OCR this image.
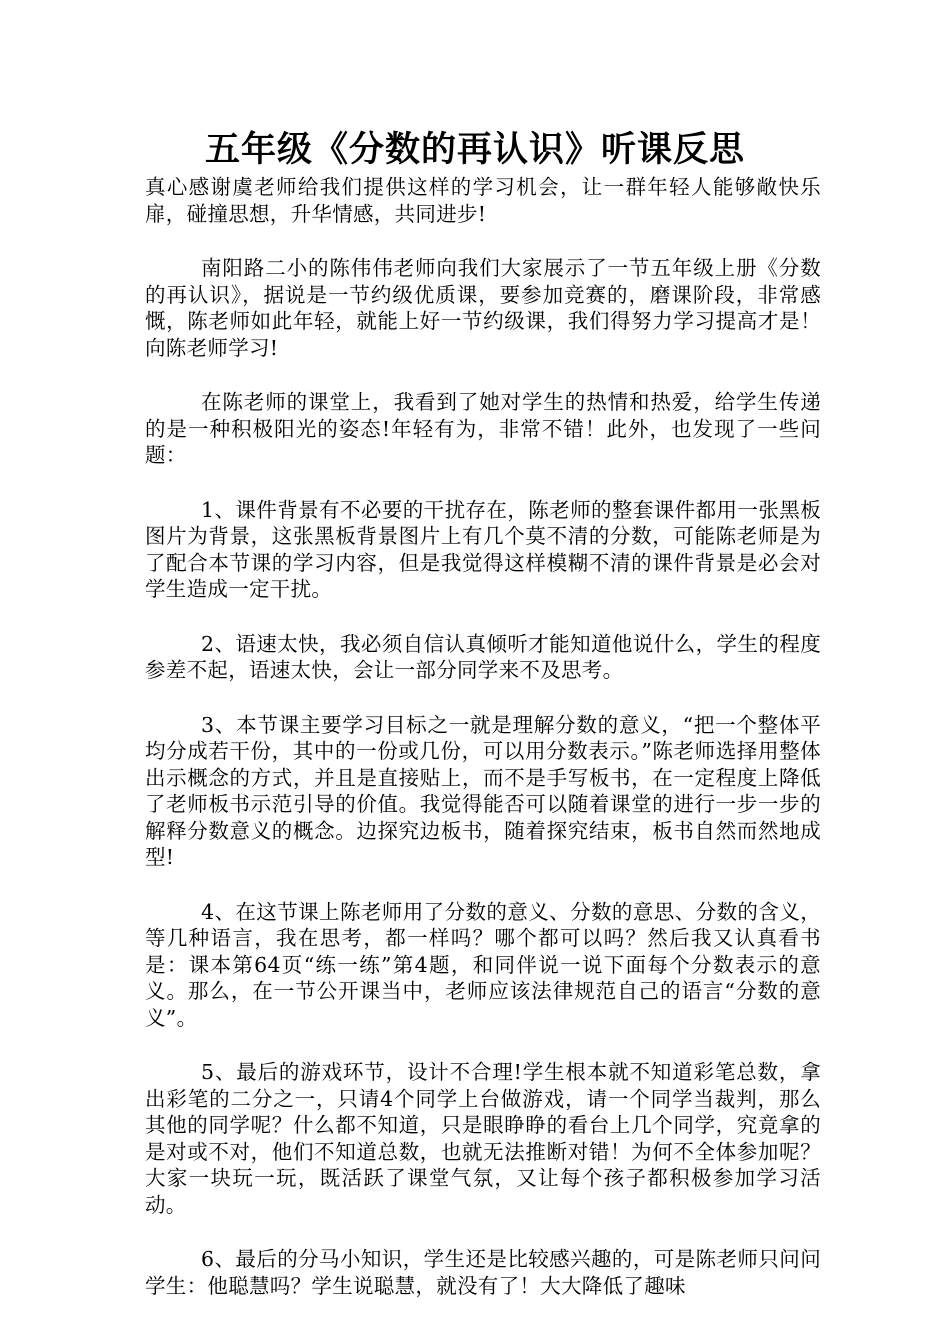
五年级《分数的再认识》听课反思

真心感谢虞老师给我们提供这样的学习机会，让一群年轻人能够敞快乐扉，碰撞思想，升华情感，共同进步!

南阳路二小的陈伟伟老师向我们大家展示了一节五年级上册《分数的再认识》，据说是一节约级优质课，要参加竞赛的，磨课阶段，非常感慨，陈老师如此年轻，就能上好一节约级课，我们得努力学习提高才是！向陈老师学习!

在陈老师的课堂上，我看到了她对学生的热情和热爱，给学生传递的是一种积极阳光的姿态!年轻有为，非常不错！此外，也发现了一些问题：

1、课件背景有不必要的干扰存在，陈老师的整套课件都用一张黑板图片为背景，这张黑板背景图片上有几个莫不清的分数，可能陈老师是为了配合本节课的学习内容，但是我觉得这样模糊不清的课件背景是必会对学生造成一定干扰。

2、语速太快，我必须自信认真倾听才能知道他说什么，学生的程度参差不起，语速太快，会让一部分同学来不及思考。

3、本节课主要学习目标之一就是理解分数的意义，“把一个整体平均分成若干份，其中的一份或几份，可以用分数表示。”陈老师选择用整体出示概念的方式，并且是直接贴上，而不是手写板书，在一定程度上降低了老师板书示范引导的价值。我觉得能否可以随着课堂的进行一步一步的解释分数意义的概念。边探究边板书，随着探究结束，板书自然而然地成型!

4、在这节课上陈老师用了分数的意义、分数的意思、分数的含义，等几种语言，我在思考，都一样吗？哪个都可以吗？然后我又认真看书是：课本第64页“练一练”第4题，和同伴说一说下面每个分数表示的意义。那么，在一节公开课当中，老师应该法律规范自己的语言“分数的意义”。

5、最后的游戏环节，设计不合理!学生根本就不知道彩笔总数，拿出彩笔的二分之一，只请4个同学上台做游戏，请一个同学当裁判，那么其他的同学呢？什么都不知道，只是眼睁睁的看台上几个同学，究竟拿的是对或不对，他们不知道总数，也就无法推断对错！为何不全体参加呢？大家一块玩一玩，既活跃了课堂气氛，又让每个孩子都积极参加学习活动。

6、最后的分马小知识，学生还是比较感兴趣的，可是陈老师只问问学生：他聪慧吗？学生说聪慧，就没有了！大大降低了趣味
